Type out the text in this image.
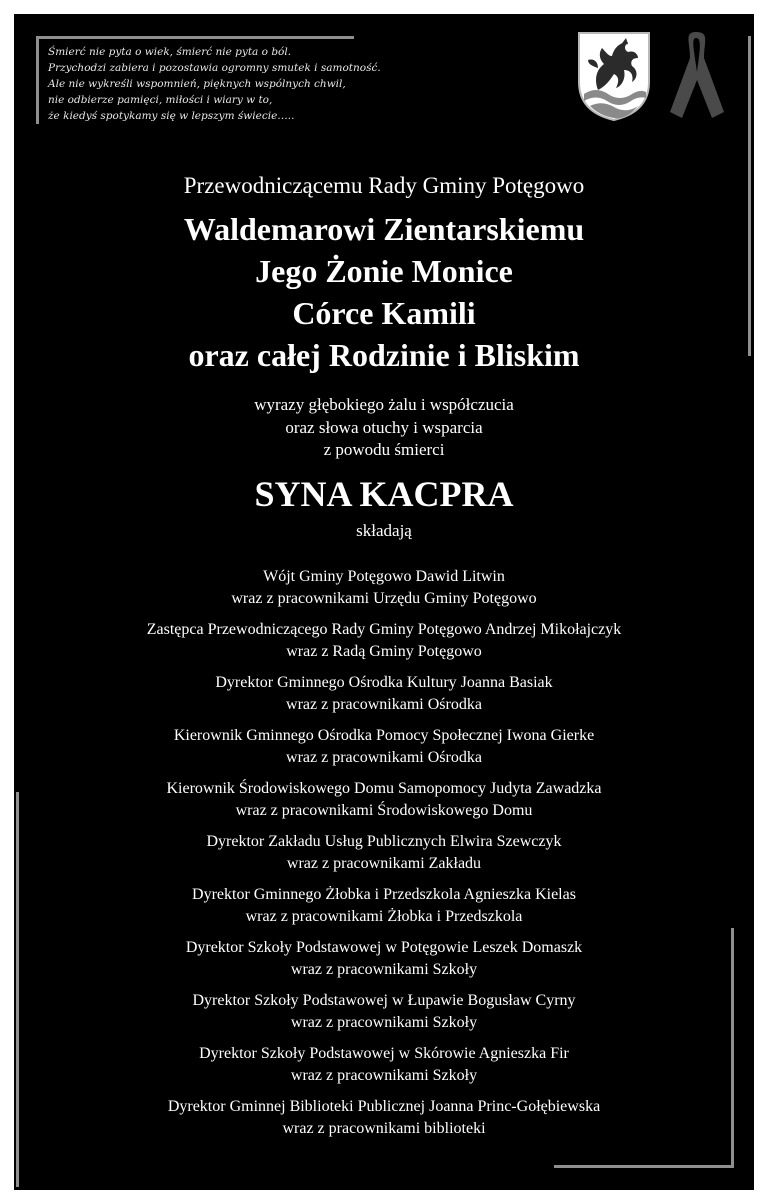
Śmierć nie pyta o wiek, śmierć nie pyta o ból.
Przychodzi zabiera i pozostawia ogromny smutek i samotność.
Ale nie wykreśli wspomnień, pięknych wspólnych chwil,
nie odbierze pamięci, miłości i wiary w to,
że kiedyś spotykamy się w lepszym świecie…..
Przewodniczącemu Rady Gminy Potęgowo
Waldemarowi Zientarskiemu
Jego Żonie Monice
Córce Kamili
oraz całej Rodzinie i Bliskim
wyrazy głębokiego żalu i współczucia
oraz słowa otuchy i wsparcia
z powodu śmierci
SYNA KACPRA
składają
Wójt Gminy Potęgowo Dawid Litwin
wraz z pracownikami Urzędu Gminy Potęgowo
Zastępca Przewodniczącego Rady Gminy Potęgowo Andrzej Mikołajczyk
wraz z Radą Gminy Potęgowo
Dyrektor Gminnego Ośrodka Kultury Joanna Basiak
wraz z pracownikami Ośrodka
Kierownik Gminnego Ośrodka Pomocy Społecznej Iwona Gierke
wraz z pracownikami Ośrodka
Kierownik Środowiskowego Domu Samopomocy Judyta Zawadzka
wraz z pracownikami Środowiskowego Domu
Dyrektor Zakładu Usług Publicznych Elwira Szewczyk
wraz z pracownikami Zakładu
Dyrektor Gminnego Żłobka i Przedszkola Agnieszka Kielas
wraz z pracownikami Żłobka i Przedszkola
Dyrektor Szkoły Podstawowej w Potęgowie Leszek Domaszk
wraz z pracownikami Szkoły
Dyrektor Szkoły Podstawowej w Łupawie Bogusław Cyrny
wraz z pracownikami Szkoły
Dyrektor Szkoły Podstawowej w Skórowie Agnieszka Fir
wraz z pracownikami Szkoły
Dyrektor Gminnej Biblioteki Publicznej Joanna Princ-Gołębiewska
wraz z pracownikami biblioteki
